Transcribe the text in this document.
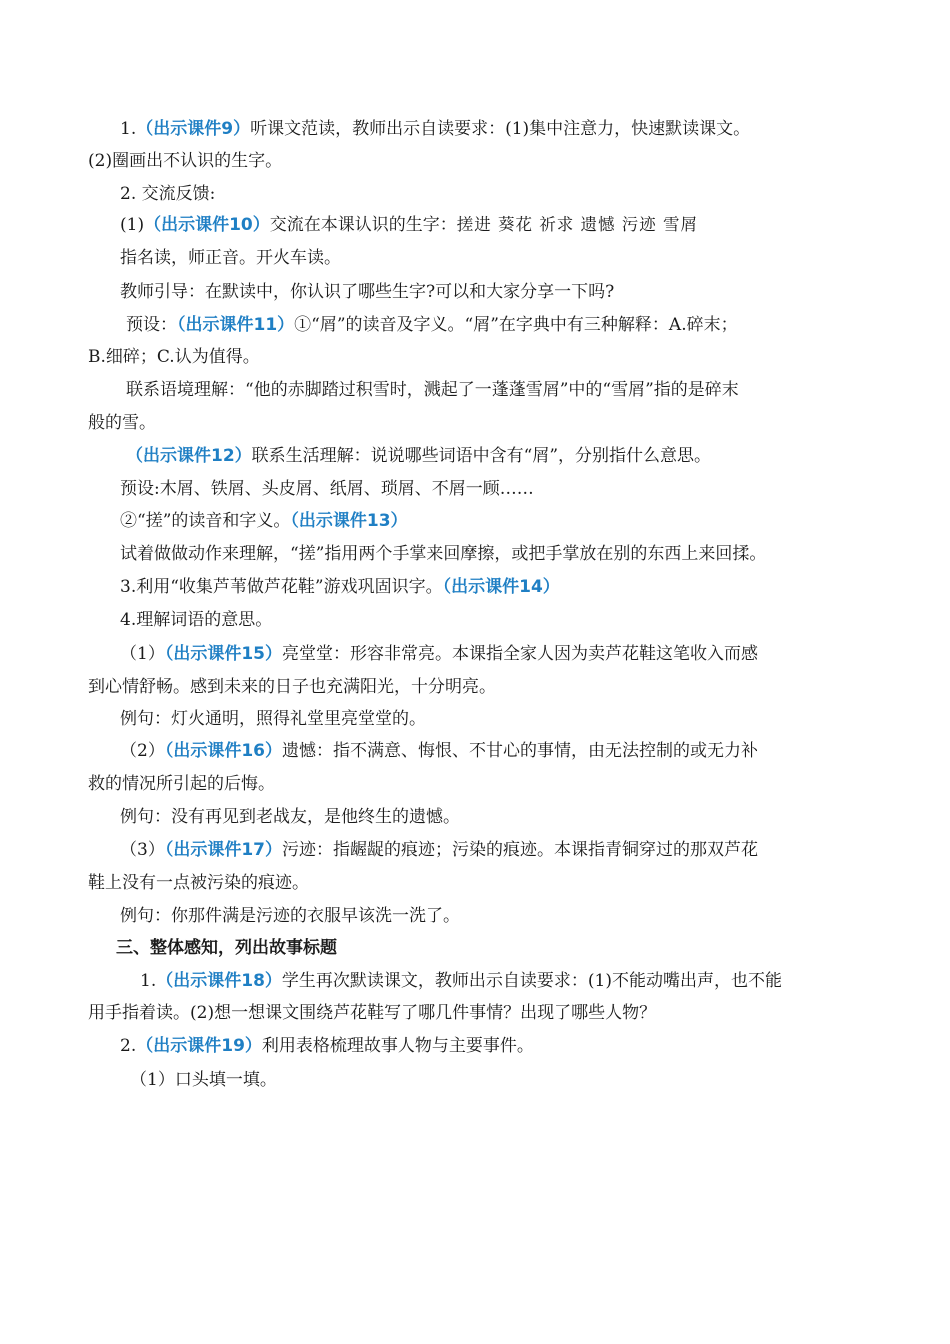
1.（出示课件9）听课文范读，教师出示自读要求：(1)集中注意力，快速默读课文。
(2)圈画出不认识的生字。
2. 交流反馈:
(1)（出示课件10）交流在本课认识的生字：搓进 葵花 祈求 遗憾 污迹 雪屑
指名读，师正音。开火车读。
教师引导：在默读中，你认识了哪些生字?可以和大家分享一下吗?
预设：（出示课件11）①“屑”的读音及字义。“屑”在字典中有三种解释：A.碎末；
B.细碎；C.认为值得。
联系语境理解：“他的赤脚踏过积雪时，溅起了一蓬蓬雪屑”中的“雪屑”指的是碎末
般的雪。
（出示课件12）联系生活理解：说说哪些词语中含有“屑”，分别指什么意思。
预设:木屑、铁屑、头皮屑、纸屑、琐屑、不屑一顾……
②“搓”的读音和字义。（出示课件13）
试着做做动作来理解，“搓”指用两个手掌来回摩擦，或把手掌放在别的东西上来回揉。
3.利用“收集芦苇做芦花鞋”游戏巩固识字。（出示课件14）
4.理解词语的意思。
（1）（出示课件15）亮堂堂：形容非常亮。本课指全家人因为卖芦花鞋这笔收入而感
到心情舒畅。感到未来的日子也充满阳光，十分明亮。
例句：灯火通明，照得礼堂里亮堂堂的。
（2）（出示课件16）遗憾：指不满意、悔恨、不甘心的事情，由无法控制的或无力补
救的情况所引起的后悔。
例句：没有再见到老战友，是他终生的遗憾。
（3）（出示课件17）污迹：指龌龊的痕迹；污染的痕迹。本课指青铜穿过的那双芦花
鞋上没有一点被污染的痕迹。
例句：你那件满是污迹的衣服早该洗一洗了。
三、整体感知，列出故事标题
1.（出示课件18）学生再次默读课文，教师出示自读要求：(1)不能动嘴出声，也不能
用手指着读。(2)想一想课文围绕芦花鞋写了哪几件事情？出现了哪些人物？
2.（出示课件19）利用表格梳理故事人物与主要事件。
（1）口头填一填。
